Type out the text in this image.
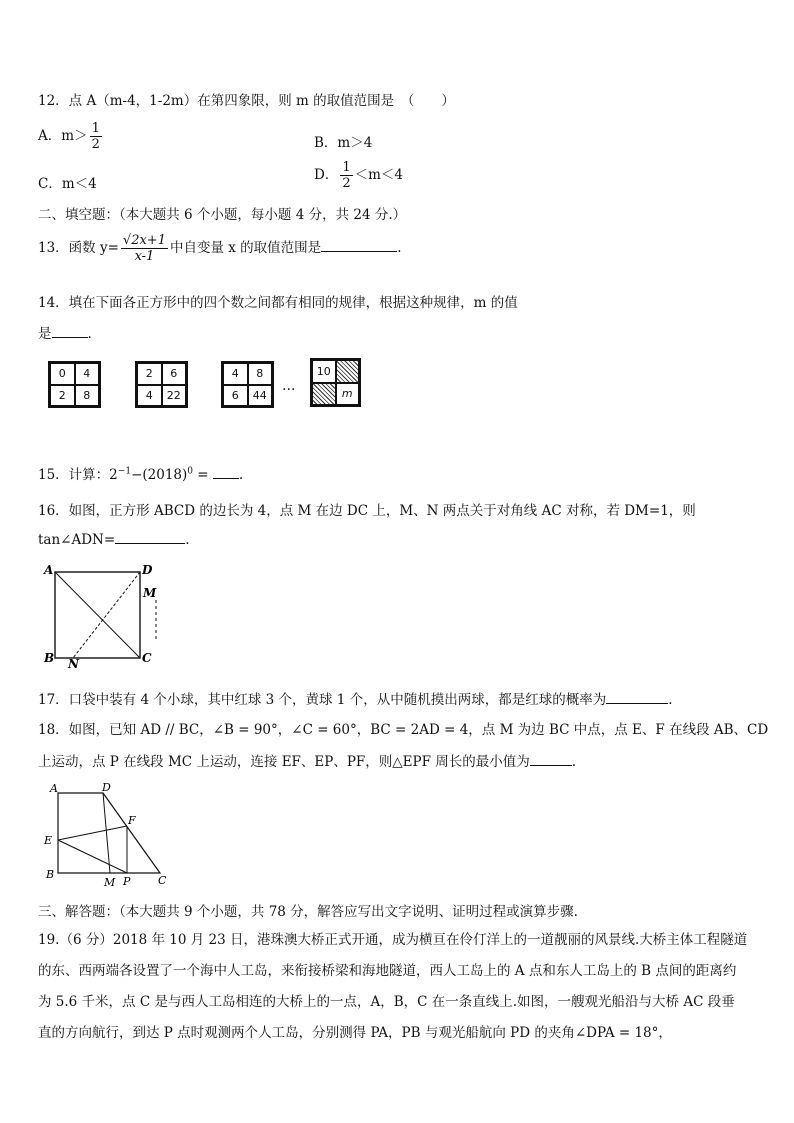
12．点 A（m-4，1-2m）在第四象限，则 m 的取值范围是　（　　）
A．$m> \frac{1}{2}$	B．m＞4
C．m＜4
D． $\frac{1}{2} <m<4$
二、填空题：（本大题共 6 个小题，每小题 4 分，共 24 分.）
13．函数 $y= \frac{√2x+1}{x-1}$ 中自变量 x 的取值范围是	.
14．填在下面各正方形中的四个数之间都有相同的规律，根据这种规律，m 的值
是	.
0	4
2	8
2	6
4	22
4	8
6	44
…
10
m
15．计算：$2^{-1}-(2018)^0$ = .
16．如图，正方形 ABCD 的边长为 4，点 M 在边 DC 上，M、N 两点关于对角线 AC 对称，若 DM=1，则
tan∠ADN=	.
A	D
M
B N	C
17．口袋中装有 4 个小球，其中红球 3 个，黄球 1 个，从中随机摸出两球，都是红球的概率为	.
18．如图，已知 AD // BC，∠B = 90°，∠C = 60°，BC = 2AD = 4，点 M 为边 BC 中点，点 E、F 在线段 AB、CD
上运动，点 P 在线段 MC 上运动，连接 EF、EP、PF，则△EPF 周长的最小值为	.
A	D
F
E
B
M P	C
三、解答题：（本大题共 9 个小题，共 78 分，解答应写出文字说明、证明过程或演算步骤.
19.（6 分）2018 年 10 月 23 日，港珠澳大桥正式开通，成为横亘在伶仃洋上的一道靓丽的风景线.大桥主体工程隧道
的东、西两端各设置了一个海中人工岛，来衔接桥梁和海地隧道，西人工岛上的 A 点和东人工岛上的 B 点间的距离约
为 5.6 千米，点 C 是与西人工岛相连的大桥上的一点，A，B，C 在一条直线上.如图，一艘观光船沿与大桥 AC 段垂
直的方向航行，到达 P 点时观测两个人工岛，分别测得 PA，PB 与观光船航向 PD 的夹角∠DPA = 18°，
